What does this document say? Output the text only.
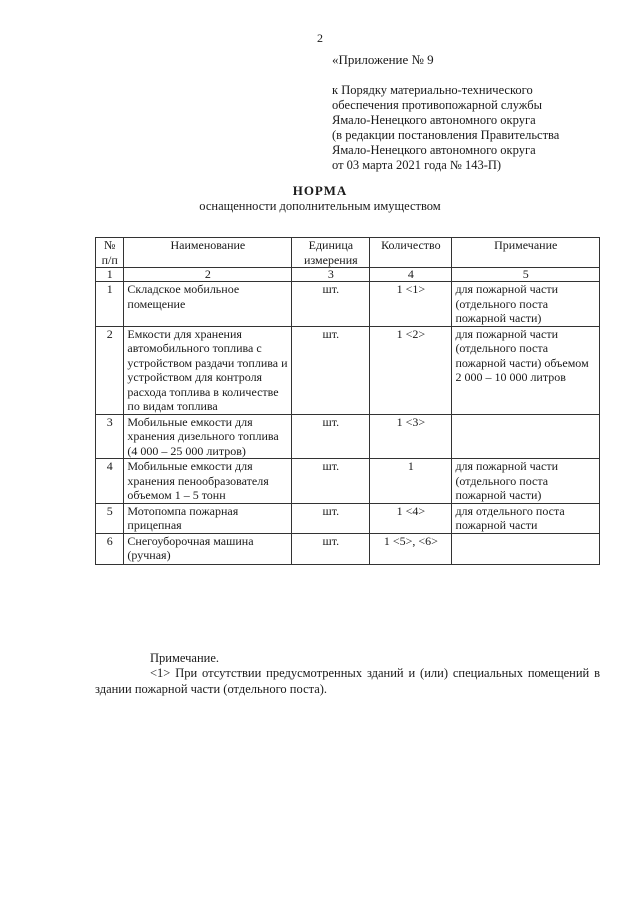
2
«Приложение № 9
к Порядку материально-технического
обеспечения противопожарной службы
Ямало-Ненецкого автономного округа
(в редакции постановления Правительства
Ямало-Ненецкого автономного округа
от 03 марта 2021 года № 143-П)
НОРМА
оснащенности дополнительным имуществом
№ п/п	Наименование	Единица измерения	Количество	Примечание
1	2	3	4	5
1	Складское мобильное помещение	шт.	1 <1>	для пожарной части (отдельного поста пожарной части)
2	Емкости для хранения автомобильного топлива с устройством раздачи топлива и устройством для контроля расхода топлива в количестве по видам топлива	шт.	1 <2>	для пожарной части (отдельного поста пожарной части) объемом 2 000 – 10 000 литров
3	Мобильные емкости для хранения дизельного топлива (4 000 – 25 000 литров)	шт.	1 <3>	
4	Мобильные емкости для хранения пенообразователя объемом 1 – 5 тонн	шт.	1	для пожарной части (отдельного поста пожарной части)
5	Мотопомпа пожарная прицепная	шт.	1 <4>	для отдельного поста пожарной части
6	Снегоуборочная машина (ручная)	шт.	1 <5>, <6>	
Примечание.
<1> При отсутствии предусмотренных зданий и (или) специальных помещений в здании пожарной части (отдельного поста).
